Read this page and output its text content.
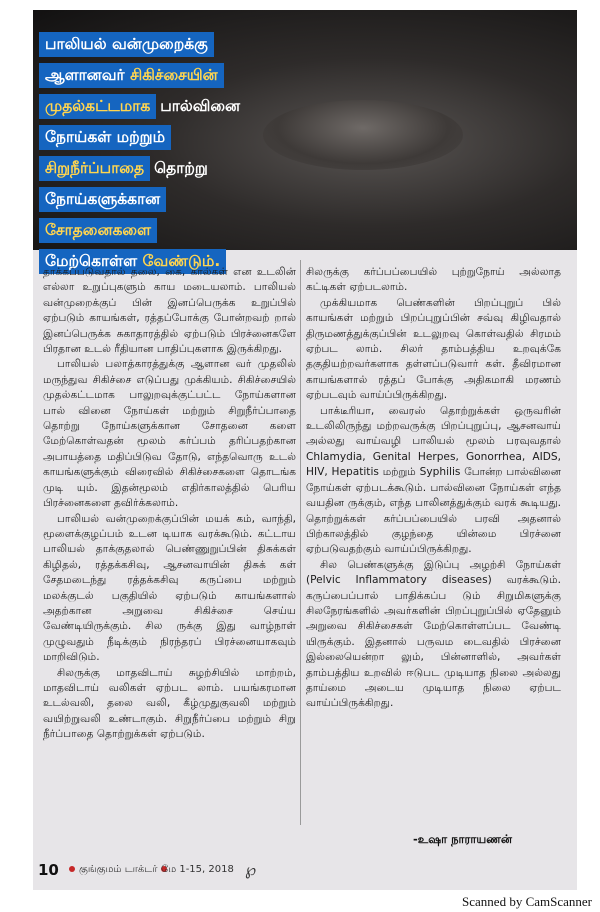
பாலியல் வன்முறைக்கு
ஆளானவர் சிகிச்சையின்
முதல்கட்டமாக பால்வினை
நோய்கள் மற்றும்
சிறுநீர்ப்பாதை தொற்று
நோய்களுக்கான
சோதனைகளை
மேற்கொள்ள வேண்டும்.

தாக்கப்படுவதால் தலை, கை, கால்கள் என உடலின் எல்லா உறுப்புகளும் காய மடையலாம். பாலியல் வன்முறைக்குப் பின் இனப்பெருக்க உறுப்பில் ஏற்படும் காயங்கள், ரத்தப்போக்கு போன்றவற் றால் இனப்பெருக்க சுகாதாரத்தில் ஏற்படும் பிரச்னைகளே பிரதான உடல் ரீதியான பாதிப்புகளாக இருக்கிறது.

பாலியல் பலாத்காரத்துக்கு ஆளான வர் முதலில் மருந்துவ சிகிச்சை எடுப்பது முக்கியம். சிகிச்சையில் முதல்கட்டமாக பாலுறவுக்குட்பட்ட நோய்களான பால் வினை நோய்கள் மற்றும் சிறுநீர்ப்பாதை தொற்று நோய்களுக்கான சோதனை களை மேற்கொள்வதன் மூலம் கர்ப்பம் தரிப்பதற்கான அபாயத்தை மதிப்பிடுவ தோடு, எந்தவொரு உடல் காயங்களுக்கும் விரைவில் சிகிச்சைகளை தொடங்க முடி யும். இதன்மூலம் எதிர்காலத்தில் பெரிய பிரச்னைகளை தவிர்க்கலாம்.

பாலியல் வன்முறைக்குப்பின் மயக் கம், வாந்தி, மூளைக்குழப்பம் உடன டியாக வரக்கூடும். கட்டாய பாலியல் தாக்குதலால் பெண்ணுறுப்பின் திசுக்கள் கிழிதல், ரத்தக்கசிவு, ஆசனவாயின் திசுக் கள் சேதமடைந்து ரத்தக்கசிவு கருப்பை மற்றும் மலக்குடல் பகுதியில் ஏற்படும் காயங்களால் அதற்கான அறுவை சிகிச்சை செய்ய வேண்டியிருக்கும். சில ருக்கு இது வாழ்நாள் முழுவதும் நீடிக்கும் நிரந்தரப் பிரச்னையாகவும் மாறிவிடும்.

சிலருக்கு மாதவிடாய் சுழற்சியில் மாற்றம், மாதவிடாய் வலிகள் ஏற்பட லாம். பயங்கரமான உடல்வலி, தலை வலி, கீழ்முதுகுவலி மற்றும் வயிற்றுவலி உண்டாகும். சிறுநீர்ப்பை மற்றும் சிறு நீர்ப்பாதை தொற்றுக்கள் ஏற்படும்.

சிலருக்கு கர்ப்பப்பையில் புற்றுநோய் அல்லாத கட்டிகள் ஏற்படலாம்.

முக்கியமாக பெண்களின் பிறப்புறுப் பில் காயங்கள் மற்றும் பிறப்புறுப்பின் சவ்வு கிழிவதால் திருமணத்துக்குப்பின் உடலுறவு கொள்வதில் சிரமம் ஏற்பட லாம். சிலர் தாம்பத்திய உறவுக்கே தகுதியற்றவர்களாக தள்ளப்படுவார் கள். தீவிரமான காயங்களால் ரத்தப் போக்கு அதிகமாகி மரணம் ஏற்படவும் வாய்ப்பிருக்கிறது.

பாக்டீரியா, வைரஸ் தொற்றுக்கள் ஒருவரின் உடலிலிருந்து மற்றவருக்கு பிறப்புறுப்பு, ஆசனவாய் அல்லது வாய்வழி பாலியல் மூலம் பரவுவதால் Chlamydia, Genital Herpes, Gonorrhea, AIDS, HIV, Hepatitis மற்றும் Syphilis போன்ற பால்வினை நோய்கள் ஏற்படக்கூடும். பால்வினை நோய்கள் எந்த வயதின ருக்கும், எந்த பாலினத்துக்கும் வரக் கூடியது. தொற்றுக்கள் கர்ப்பப்பையில் பரவி அதனால் பிற்காலத்தில் குழந்தை யின்மை பிரச்னை ஏற்படுவதற்கும் வாய்ப்பிருக்கிறது.

சில பெண்களுக்கு இடுப்பு அழற்சி நோய்கள் (Pelvic Inflammatory diseases) வரக்கூடும். கருப்பைப்பால் பாதிக்கப்ப டும் சிறுமிகளுக்கு சிலநேரங்களில் அவர்களின் பிறப்புறுப்பில் ஏதேனும் அறுவை சிகிச்சைகள் மேற்கொள்ளப்பட வேண்டி யிருக்கும். இதனால் பருவம டைவதில் பிரச்னை இல்லையென்றா லும், பின்னாளில், அவர்கள் தாம்பத்திய உறவில் ஈடுபட முடியாத நிலை அல்லது தாய்மை அடைய முடியாத நிலை ஏற்பட வாய்ப்பிருக்கிறது.

-உஷா நாராயணன்
10	குங்குமம் டாக்டர் மே 1-15, 2018 ℘
Scanned by CamScanner
